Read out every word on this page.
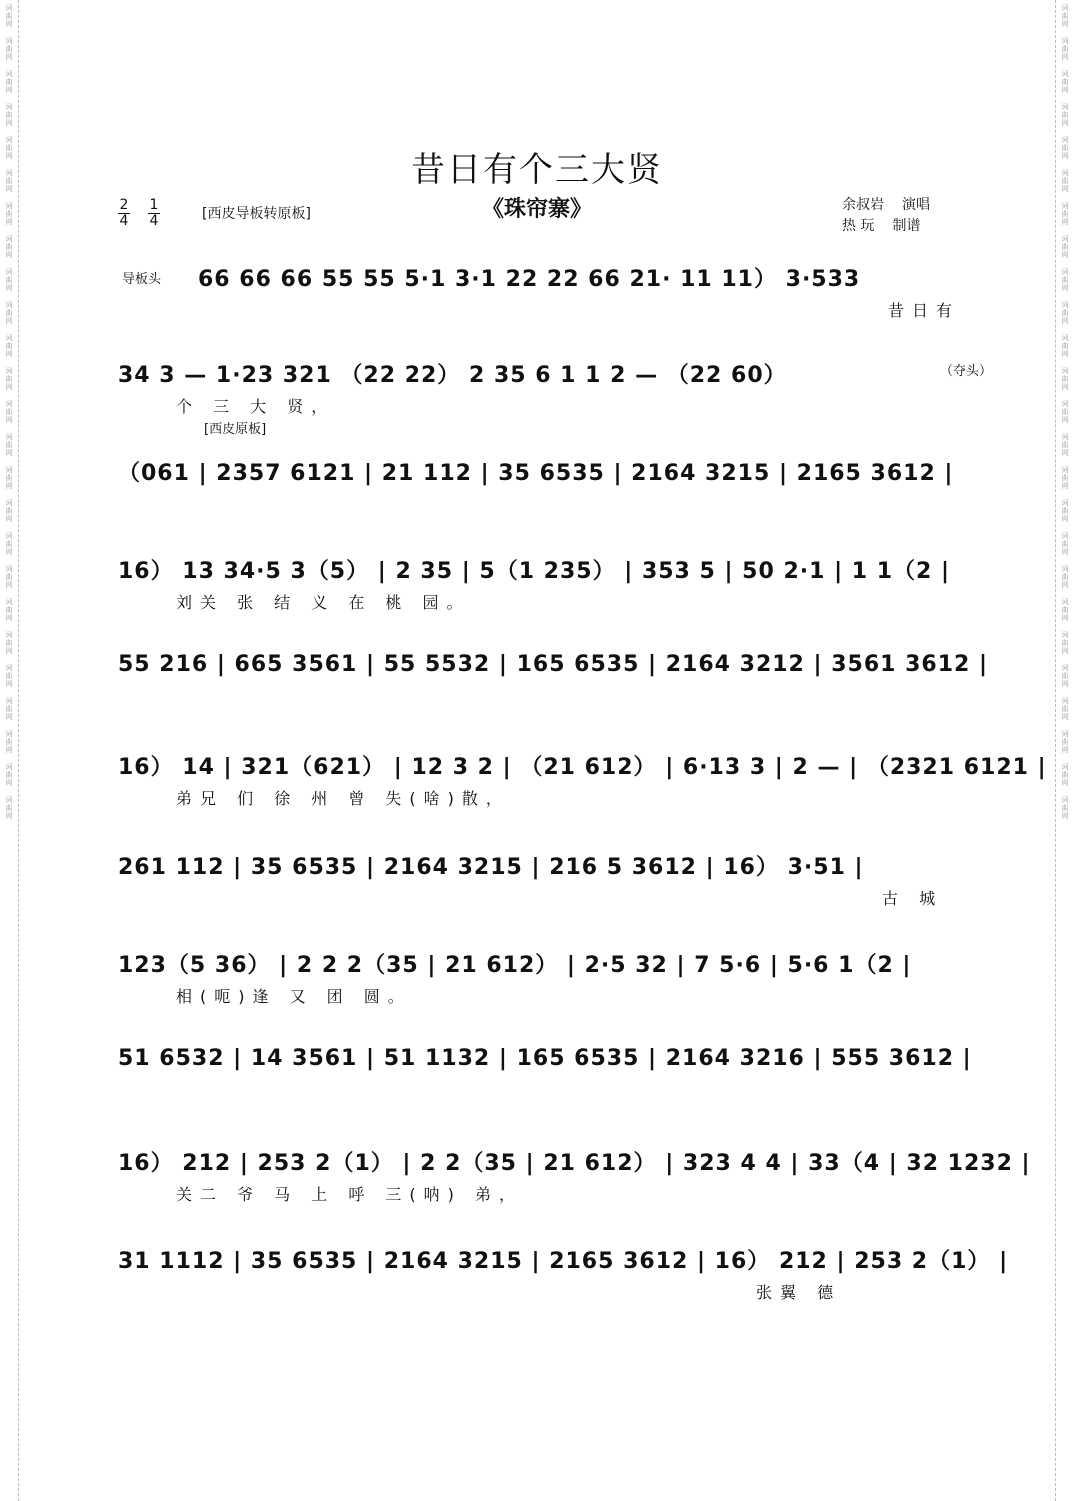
词曲网
词曲网
词曲网
词曲网
词曲网
词曲网
词曲网
词曲网
词曲网
词曲网
词曲网
词曲网
词曲网
词曲网
词曲网
词曲网
词曲网
词曲网
词曲网
词曲网
词曲网
词曲网
词曲网
词曲网
词曲网
词曲网
词曲网
词曲网
词曲网
词曲网
词曲网
词曲网
词曲网
词曲网
词曲网
词曲网
词曲网
词曲网
词曲网
词曲网
词曲网
词曲网
词曲网
词曲网
词曲网
词曲网
词曲网
词曲网
词曲网
词曲网
昔日有个三大贤
《珠帘寨》
2
4
1
4	[西皮导板转原板]
余叔岩 演唱
热 玩 制谱
66 66 66 55 55 5·1 3·1 22 22 66 21· 11 11） 3·533
导板头
昔日有
34 3 — 1·23 321 （22 22） 2 35 6 1 1 2 — （22 60）	（夺头）
[西皮原板]
个 三 大 贤，
（061 | 2357 6121 | 21 112 | 35 6535 | 2164 3215 | 2165 3612 |
16） 13 34·5 3（5） | 2 35 | 5（1 235） | 353 5 | 50 2·1 | 1 1（2 |
刘关 张 结 义 在 桃 园。
55 216 | 665 3561 | 55 5532 | 165 6535 | 2164 3212 | 3561 3612 |
16） 14 | 321（621） | 12 3 2 | （21 612） | 6·13 3 | 2 — | （2321 6121 |
弟兄 们 徐 州 曾 失(啥)散，
261 112 | 35 6535 | 2164 3215 | 216 5 3612 | 16） 3·51 |
古 城
123（5 36） | 2 2 2（35 | 21 612） | 2·5 32 | 7 5·6 | 5·6 1（2 |
相(呃)逢 又 团 圆。
51 6532 | 14 3561 | 51 1132 | 165 6535 | 2164 3216 | 555 3612 |
16） 212 | 253 2（1） | 2 2（35 | 21 612） | 323 4 4 | 33（4 | 32 1232 |
关二 爷 马 上 呼 三(呐) 弟，
31 1112 | 35 6535 | 2164 3215 | 2165 3612 | 16） 212 | 253 2（1） |
张翼 德
